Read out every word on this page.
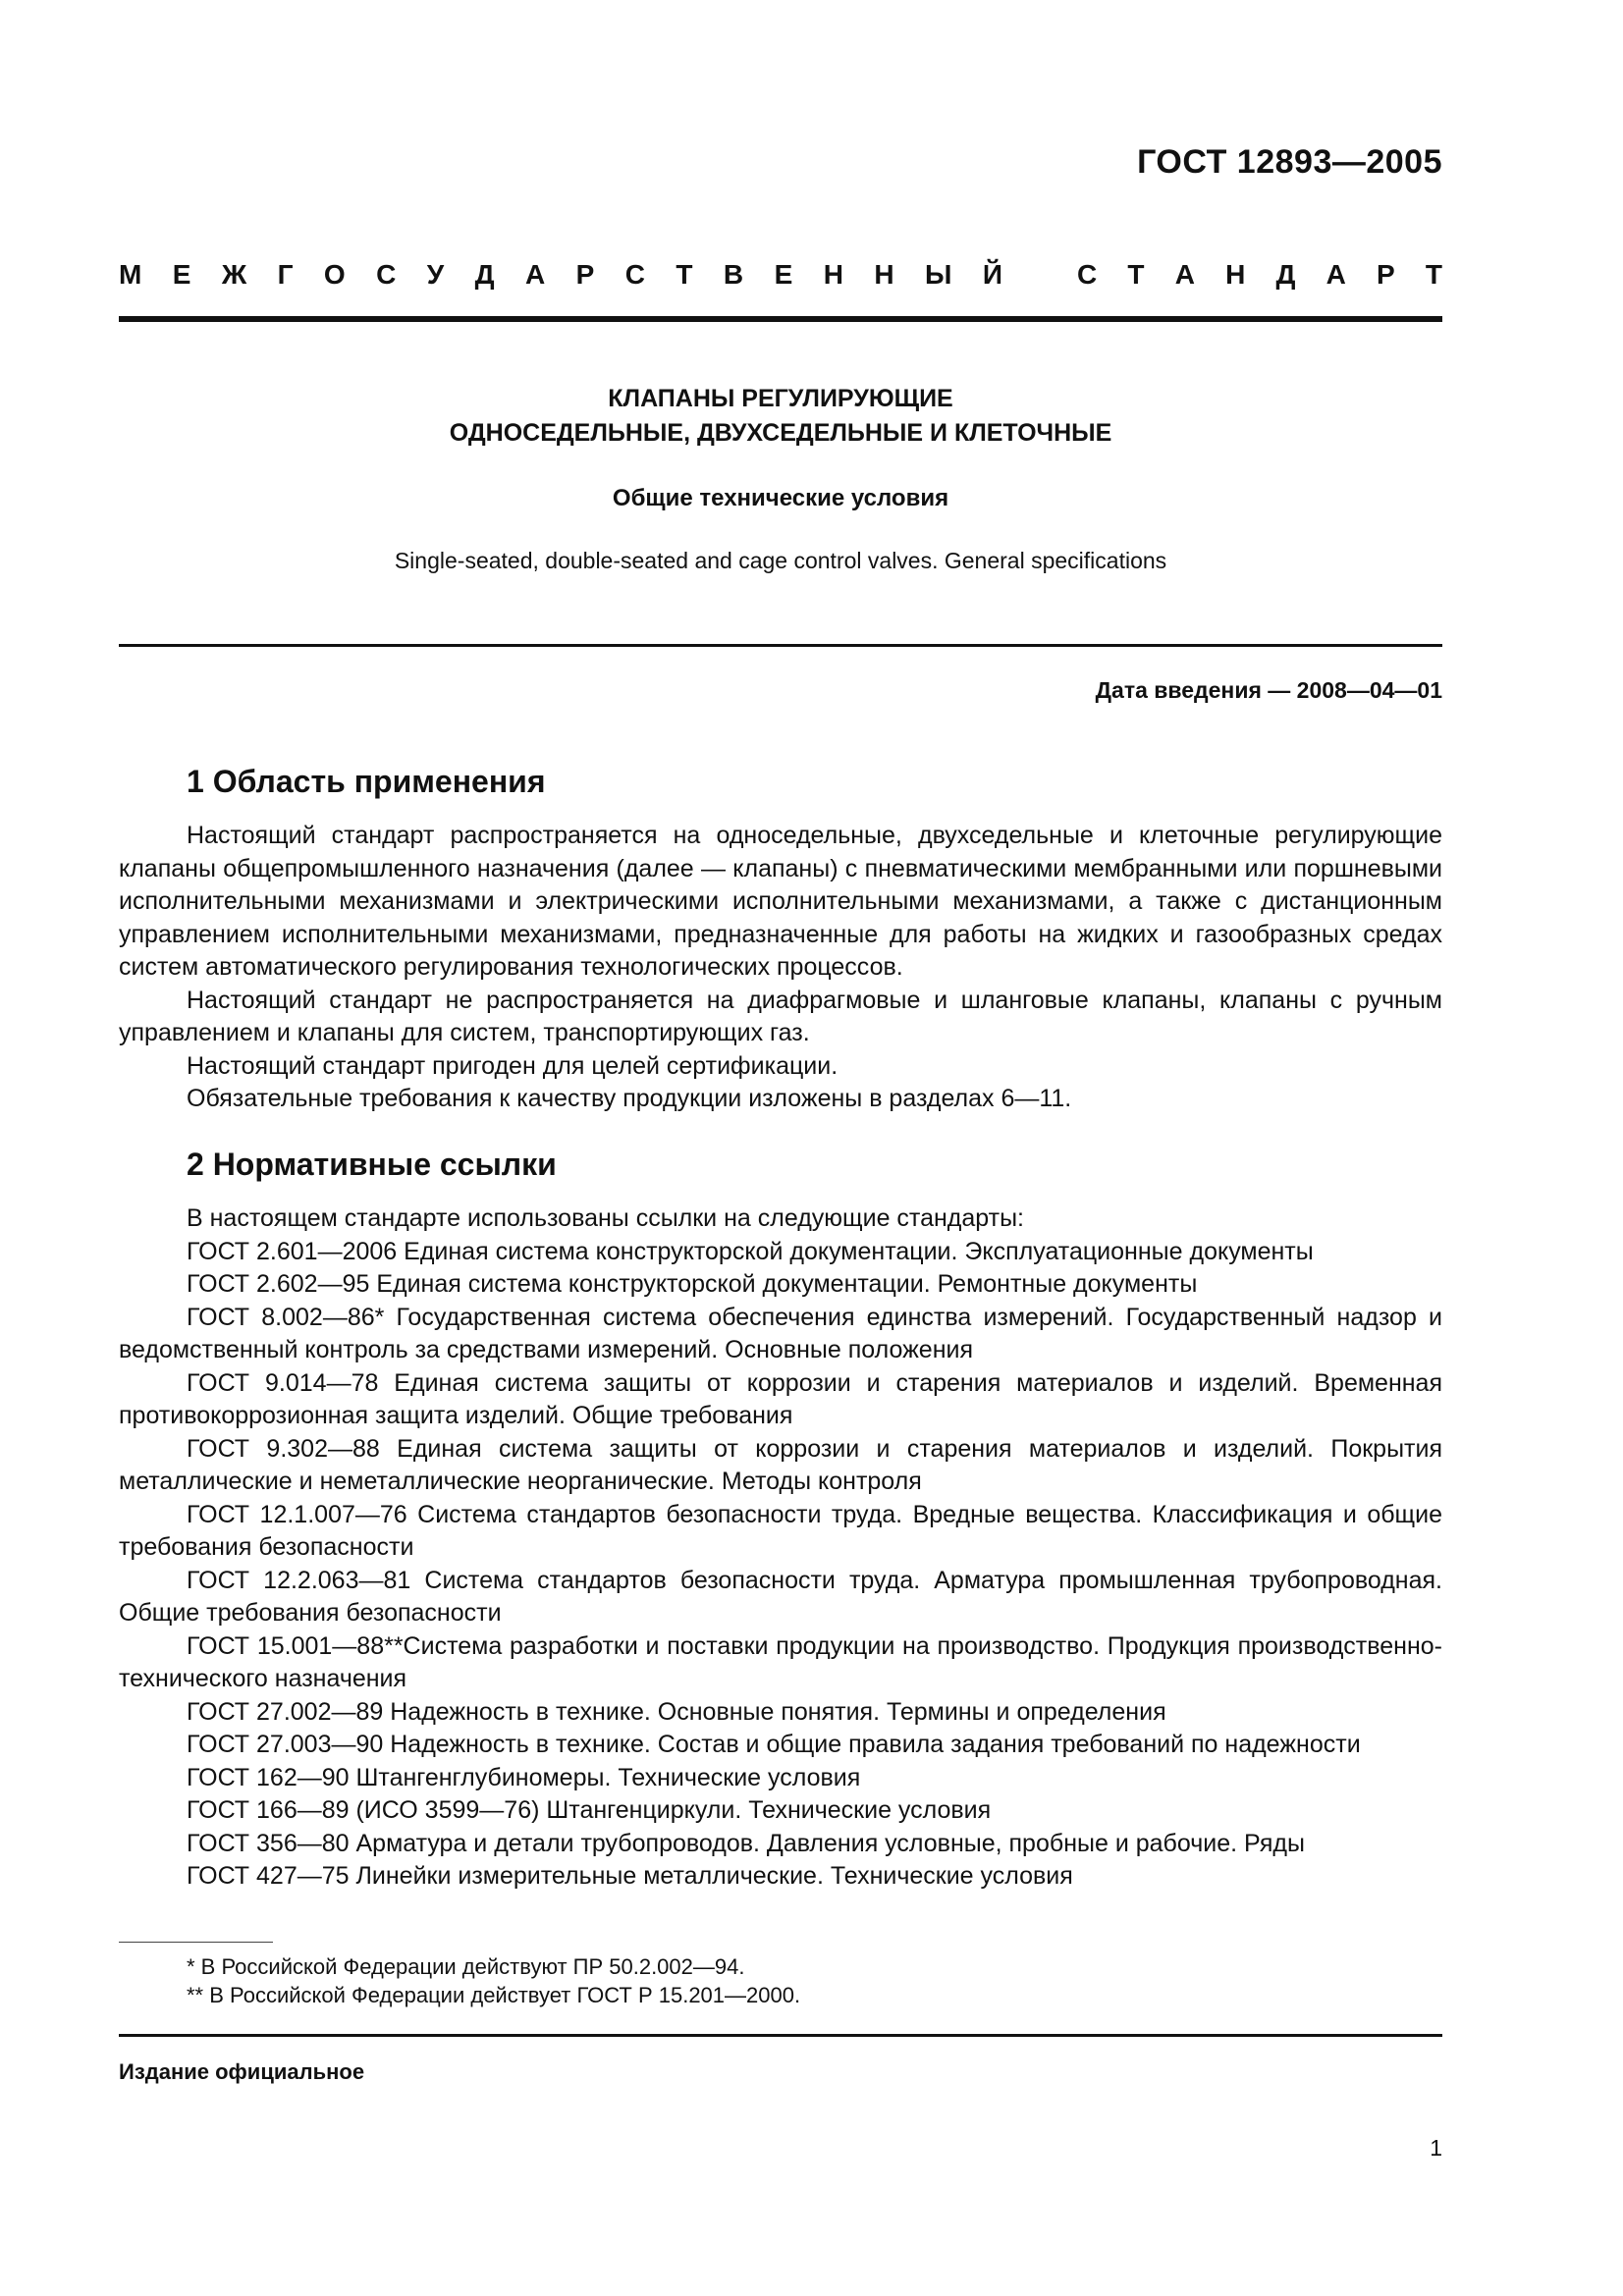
ГОСТ 12893—2005
М Е Ж Г О С У Д А Р С Т В Е Н Н Ы Й	С Т А Н Д А Р Т
КЛАПАНЫ РЕГУЛИРУЮЩИЕ
ОДНОСЕДЕЛЬНЫЕ, ДВУХСЕДЕЛЬНЫЕ И КЛЕТОЧНЫЕ
Общие технические условия
Single-seated, double-seated and cage control valves. General specifications
Дата введения — 2008—04—01
1 Область применения

Настоящий стандарт распространяется на односедельные, двухседельные и клеточные регулирующие клапаны общепромышленного назначения (далее — клапаны) с пневматическими мембранными или поршневыми исполнительными механизмами и электрическими исполнительными механизмами, а также с дистанционным управлением исполнительными механизмами, предназначенные для работы на жидких и газообразных средах систем автоматического регулирования технологических процессов.

Настоящий стандарт не распространяется на диафрагмовые и шланговые клапаны, клапаны с ручным управлением и клапаны для систем, транспортирующих газ.

Настоящий стандарт пригоден для целей сертификации.

Обязательные требования к качеству продукции изложены в разделах 6—11.

2 Нормативные ссылки

В настоящем стандарте использованы ссылки на следующие стандарты:

ГОСТ 2.601—2006 Единая система конструкторской документации. Эксплуатационные документы

ГОСТ 2.602—95 Единая система конструкторской документации. Ремонтные документы

ГОСТ 8.002—86* Государственная система обеспечения единства измерений. Государственный надзор и ведомственный контроль за средствами измерений. Основные положения

ГОСТ 9.014—78 Единая система защиты от коррозии и старения материалов и изделий. Временная противокоррозионная защита изделий. Общие требования

ГОСТ 9.302—88 Единая система защиты от коррозии и старения материалов и изделий. Покрытия металлические и неметаллические неорганические. Методы контроля

ГОСТ 12.1.007—76 Система стандартов безопасности труда. Вредные вещества. Классификация и общие требования безопасности

ГОСТ 12.2.063—81 Система стандартов безопасности труда. Арматура промышленная трубопроводная. Общие требования безопасности

ГОСТ 15.001—88**Система разработки и поставки продукции на производство. Продукция производственно-технического назначения

ГОСТ 27.002—89 Надежность в технике. Основные понятия. Термины и определения

ГОСТ 27.003—90 Надежность в технике. Состав и общие правила задания требований по надежности

ГОСТ 162—90 Штангенглубиномеры. Технические условия

ГОСТ 166—89 (ИСО 3599—76) Штангенциркули. Технические условия

ГОСТ 356—80 Арматура и детали трубопроводов. Давления условные, пробные и рабочие. Ряды

ГОСТ 427—75 Линейки измерительные металлические. Технические условия

* В Российской Федерации действуют ПР 50.2.002—94.
** В Российской Федерации действует ГОСТ Р 15.201—2000.
Издание официальное
1
